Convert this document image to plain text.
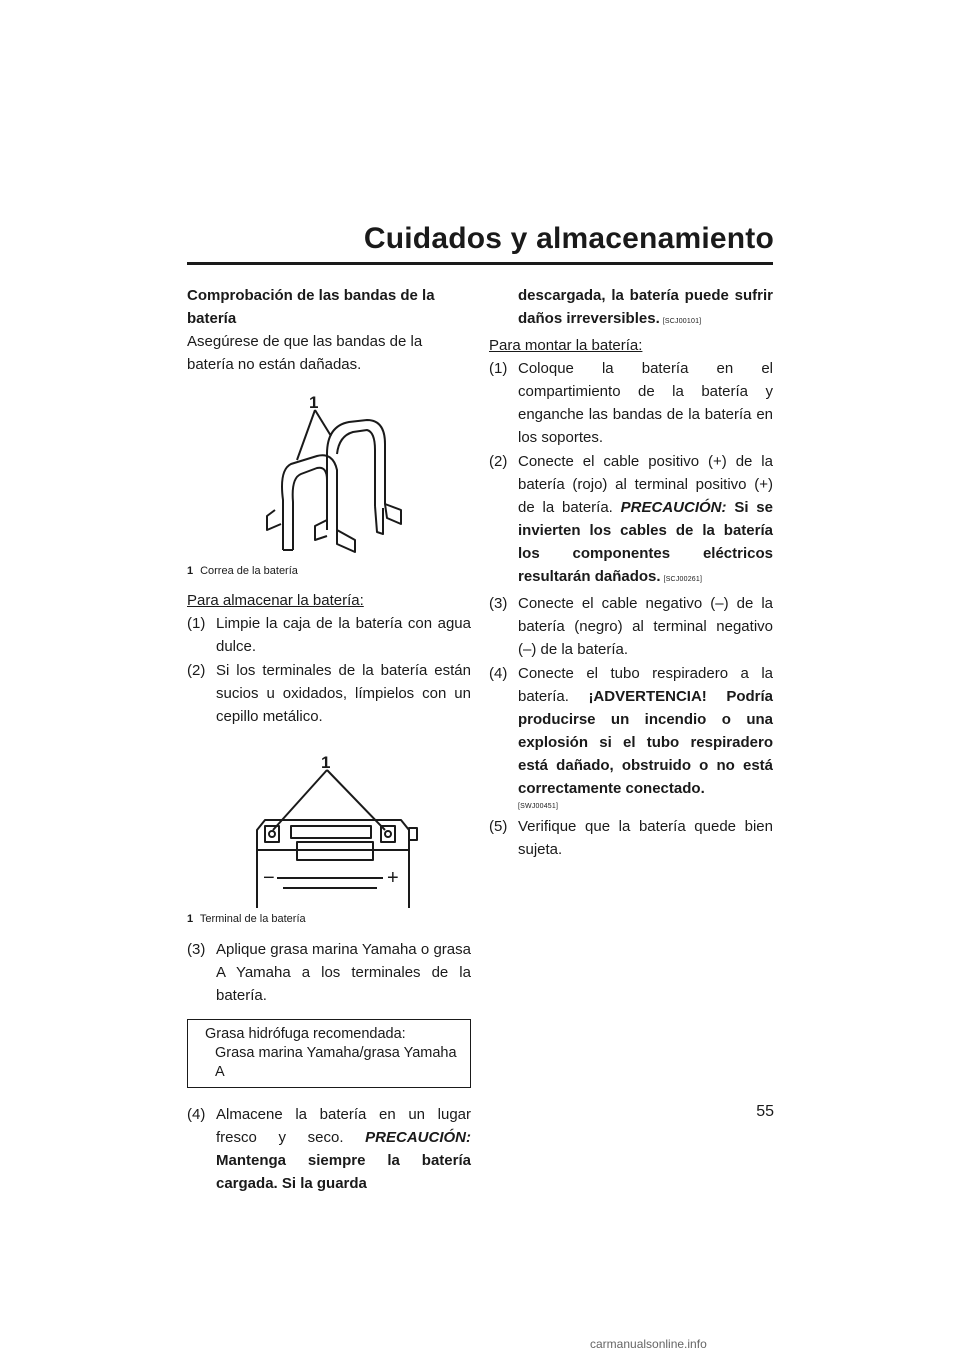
Cuidados y almacenamiento

Comprobación de las bandas de la batería

Asegúrese de que las bandas de la batería no están dañadas.

1
1 Correa de la batería

Para almacenar la batería:

(1) Limpie la caja de la batería con agua dulce.
(2) Si los terminales de la batería están sucios u oxidados, límpielos con un cepillo metálico.
1
−	+
1 Terminal de la batería
(3) Aplique grasa marina Yamaha o grasa A Yamaha a los terminales de la batería.
Grasa hidrófuga recomendada:
Grasa marina Yamaha/grasa Yamaha A
(4) Almacene la batería en un lugar fresco y seco. PRECAUCIÓN: Mantenga siempre la batería cargada. Si la guarda
descargada, la batería puede sufrir daños irreversibles. [SCJ00101]

Para montar la batería:

(1) Coloque la batería en el compartimiento de la batería y enganche las bandas de la batería en los soportes.
(2) Conecte el cable positivo (+) de la batería (rojo) al terminal positivo (+) de la batería. PRECAUCIÓN: Si se invierten los cables de la batería los componentes eléctricos resultarán dañados. [SCJ00261]
(3) Conecte el cable negativo (–) de la batería (negro) al terminal negativo (–) de la batería.
(4) Conecte el tubo respiradero a la batería. ¡ADVERTENCIA! Podría producirse un incendio o una explosión si el tubo respiradero está dañado, obstruido o no está correctamente conectado.
[SWJ00451]
(5) Verifique que la batería quede bien sujeta.
55
carmanualsonline.info
